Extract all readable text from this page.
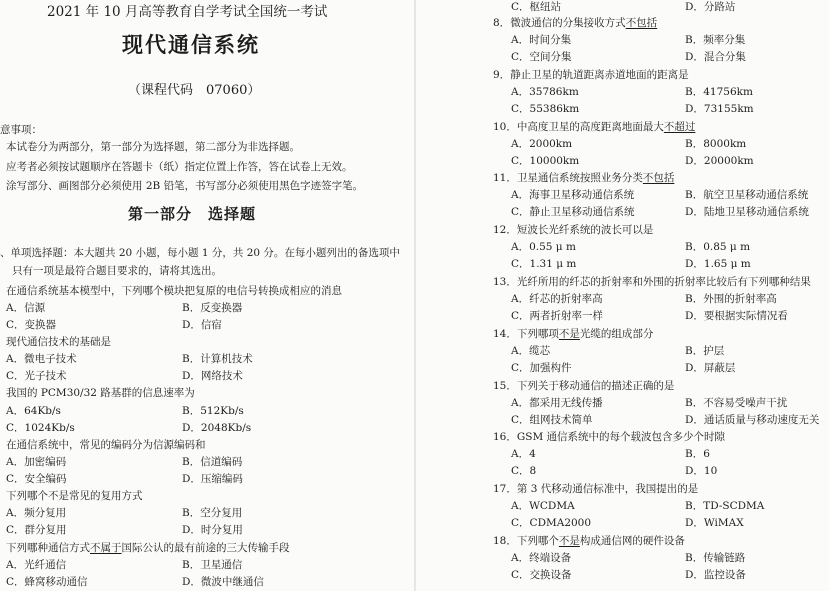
2021 年 10 月高等教育自学考试全国统一考试
现代通信系统
（课程代码　07060）
意事项：
本试卷分为两部分，第一部分为选择题，第二部分为非选择题。
应考者必须按试题顺序在答题卡（纸）指定位置上作答，答在试卷上无效。
涂写部分、画图部分必须使用 2B 铅笔，书写部分必须使用黑色字迹签字笔。
第一部分　选择题
、单项选择题：本大题共 20 小题，每小题 1 分，共 20 分。在每小题列出的备选项中
只有一项是最符合题目要求的，请将其选出。
在通信系统基本模型中，下列哪个模块把复原的电信号转换成相应的消息
A．信源	B．反变换器
C．变换器	D．信宿
现代通信技术的基础是
A．微电子技术	B．计算机技术
C．光子技术	D．网络技术
我国的 PCM30/32 路基群的信息速率为
A．64Kb/s	B．512Kb/s
C．1024Kb/s	D．2048Kb/s
在通信系统中，常见的编码分为信源编码和
A．加密编码	B．信道编码
C．安全编码	D．压缩编码
下列哪个不是常见的复用方式
A．频分复用	B．空分复用
C．群分复用	D．时分复用
下列哪种通信方式不属于国际公认的最有前途的三大传输手段
A．光纤通信	B．卫星通信
C．蜂窝移动通信	D．微波中继通信
C．枢纽站	D．分路站
8．微波通信的分集接收方式不包括
A．时间分集	B．频率分集
C．空间分集	D．混合分集
9．静止卫星的轨道距离赤道地面的距离是
A．35786km	B．41756km
C．55386km	D．73155km
10．中高度卫星的高度距离地面最大不超过
A．2000km	B．8000km
C．10000km	D．20000km
11．卫星通信系统按照业务分类不包括
A．海事卫星移动通信系统	B．航空卫星移动通信系统
C．静止卫星移动通信系统	D．陆地卫星移动通信系统
12．短波长光纤系统的波长可以是
A．0.55 μ m	B．0.85 μ m
C．1.31 μ m	D．1.65 μ m
13．光纤所用的纤芯的折射率和外围的折射率比较后有下列哪种结果
A．纤芯的折射率高	B．外围的折射率高
C．两者折射率一样	D．要根据实际情况看
14．下列哪项不是光缆的组成部分
A．缆芯	B．护层
C．加强构件	D．屏蔽层
15．下列关于移动通信的描述正确的是
A．都采用无线传播	B．不容易受噪声干扰
C．组网技术简单	D．通话质量与移动速度无关
16．GSM 通信系统中的每个载波包含多少个时隙
A．4	B．6
C．8	D．10
17．第 3 代移动通信标准中，我国提出的是
A．WCDMA	B．TD-SCDMA
C．CDMA2000	D．WiMAX
18．下列哪个不是构成通信网的硬件设备
A．终端设备	B．传输链路
C．交换设备	D．监控设备
